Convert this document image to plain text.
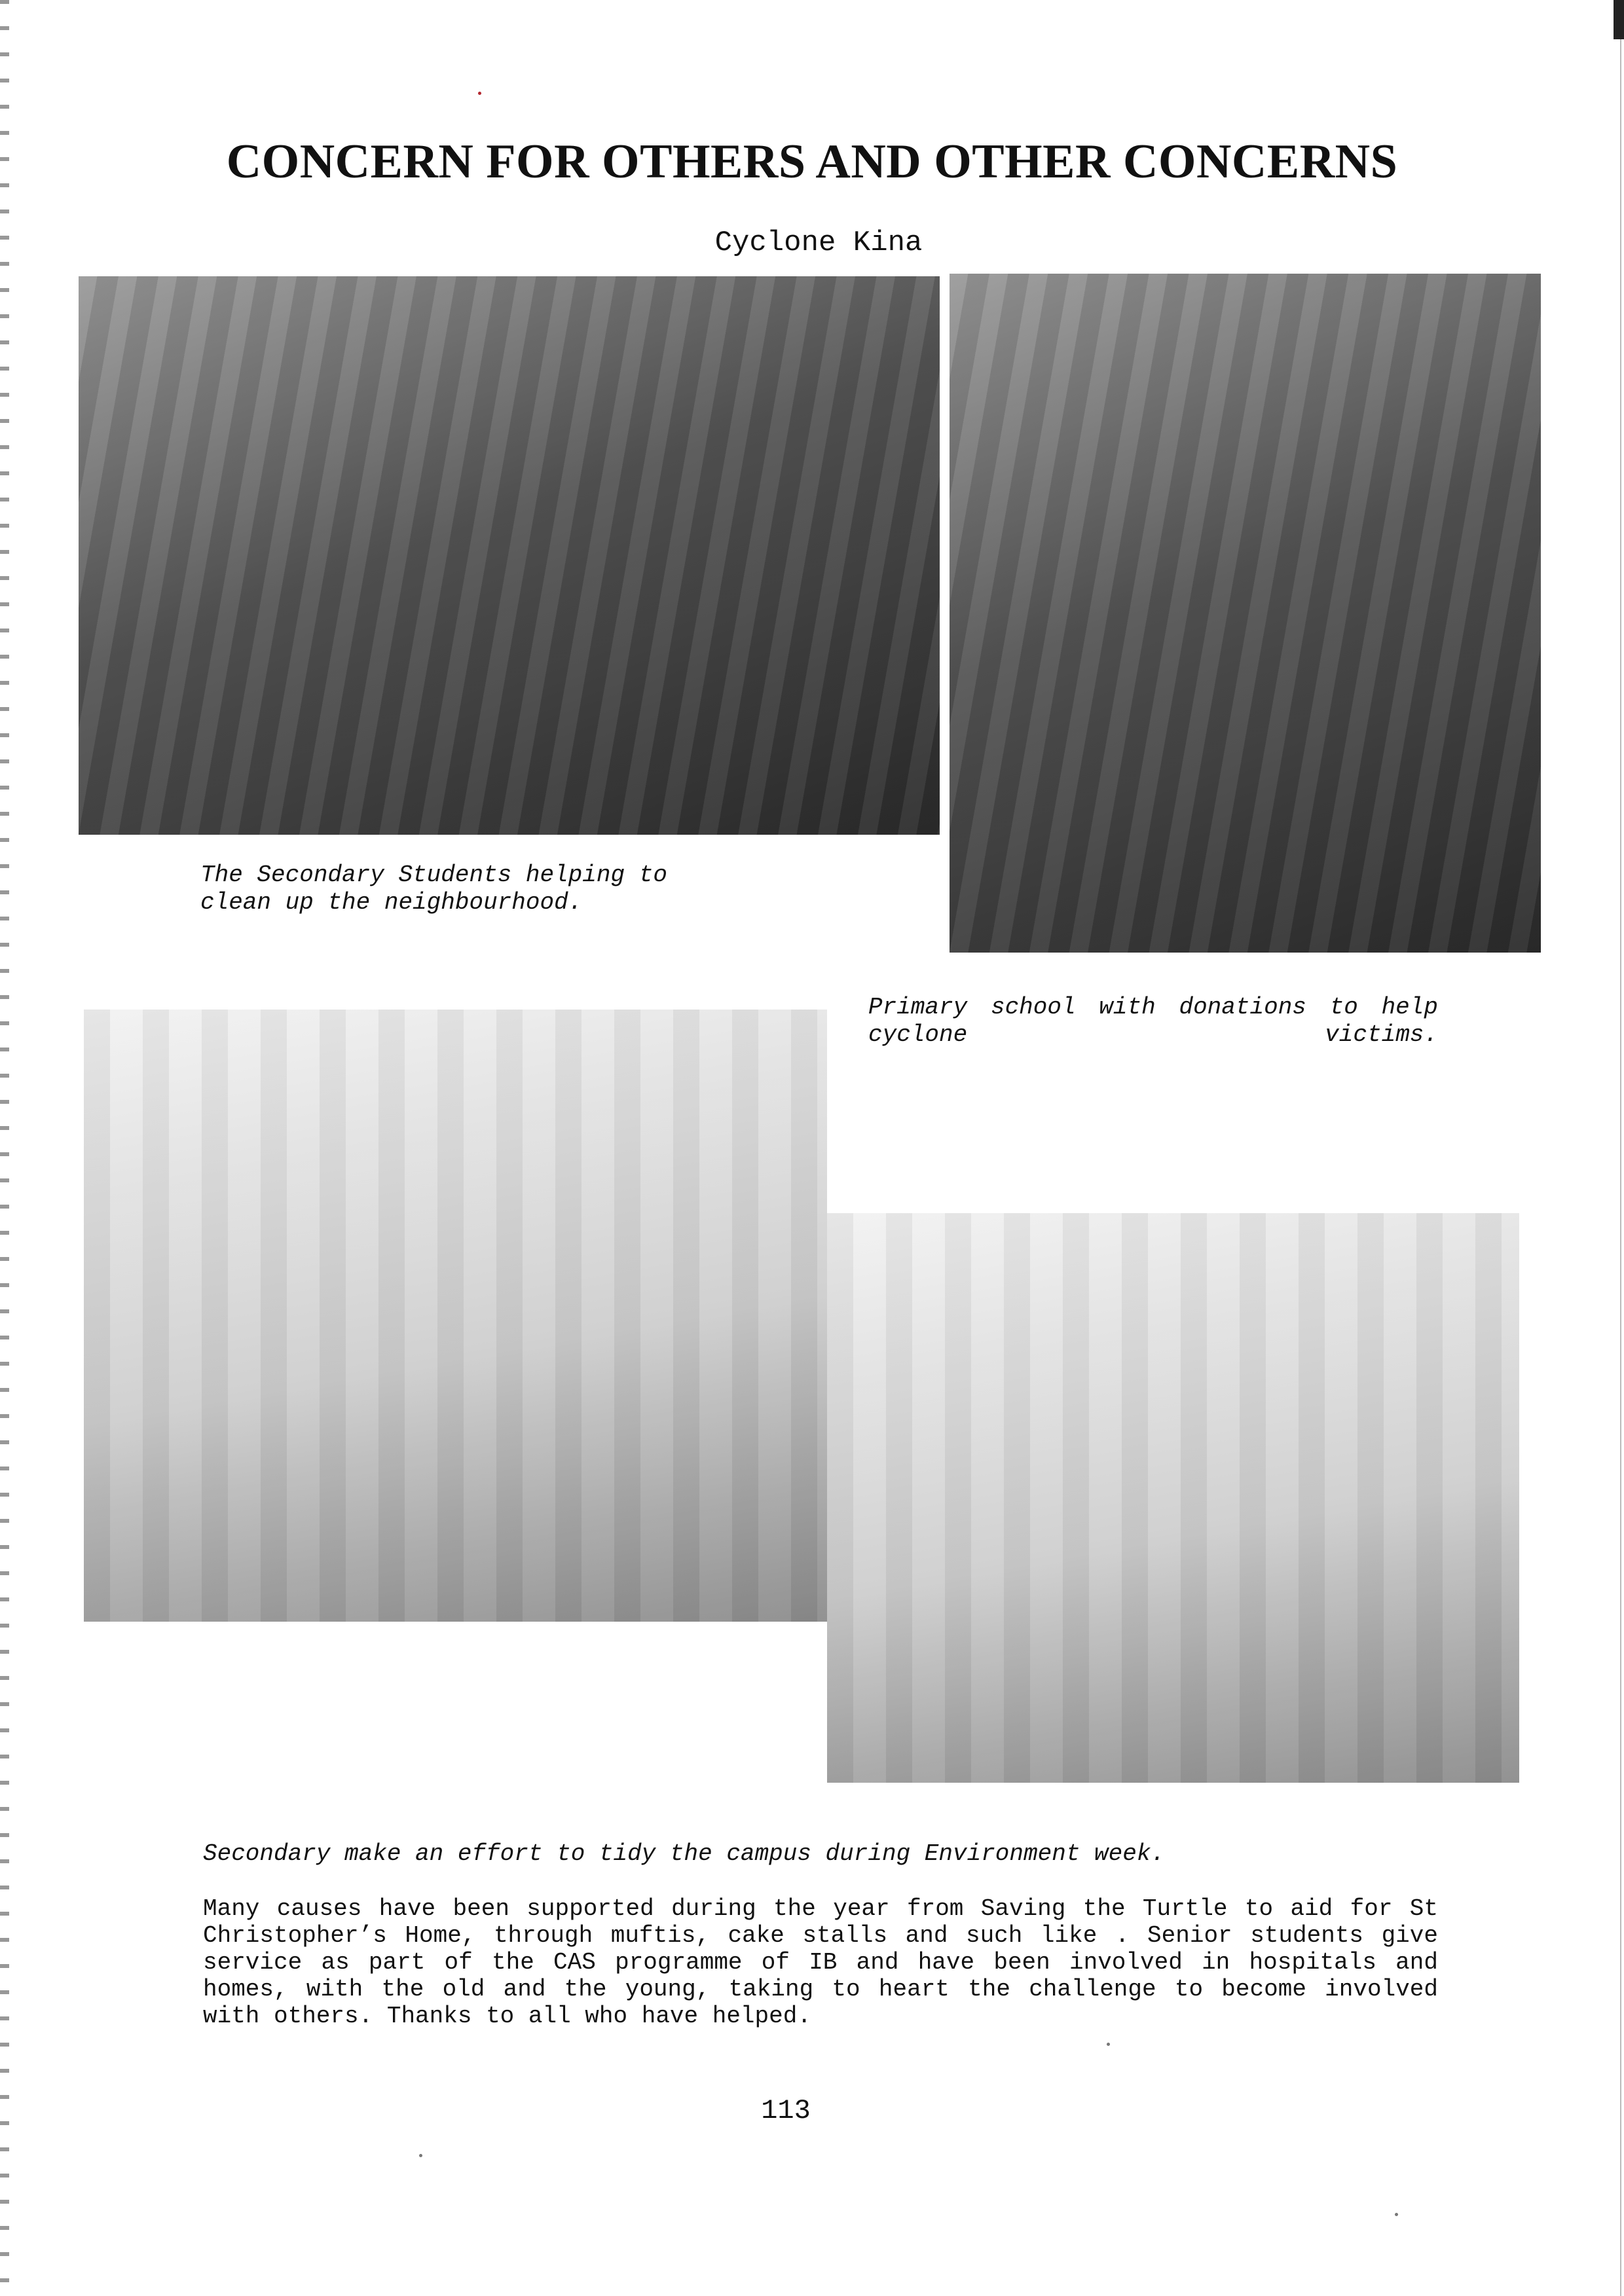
CONCERN FOR OTHERS AND OTHER CONCERNS

Cyclone Kina

The Secondary Students helping to
clean up the neighbourhood.

Primary school with donations to help cyclone victims.

Secondary make an effort to tidy the campus during Environment week.

Many causes have been supported during the year from Saving the Turtle to aid for St Christopher’s Home, through muftis, cake stalls and such like . Senior students give service as part of the CAS programme of IB and have been involved in hospitals and homes, with the old and the young, taking to heart the challenge to become involved with others. Thanks to all who have helped.

113
